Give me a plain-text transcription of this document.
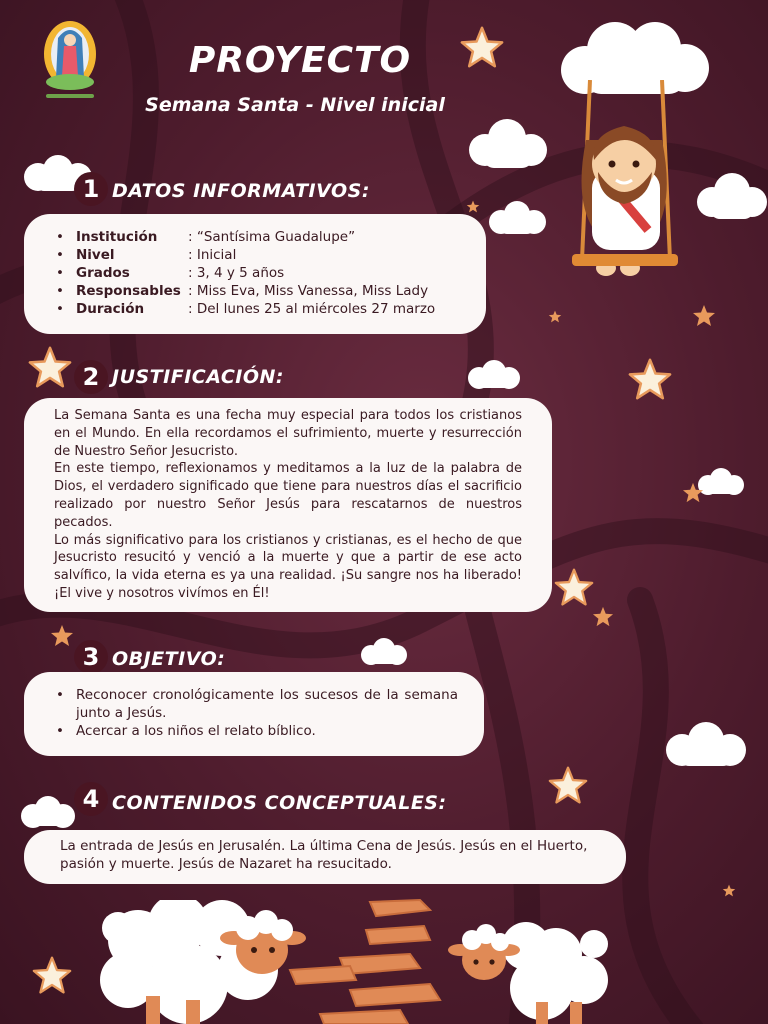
PROYECTO
Semana Santa - Nivel inicial
1 DATOS INFORMATIVOS:
• Institución	: “Santísima Guadalupe”
• Nivel	: Inicial
• Grados	: 3, 4 y 5 años
• Responsables : Miss Eva, Miss Vanessa, Miss Lady
• Duración	: Del lunes 25 al miércoles 27 marzo
2 JUSTIFICACIÓN:

La Semana Santa es una fecha muy especial para todos los cristianos en el Mundo. En ella recordamos el sufrimiento, muerte y resurrección de Nuestro Señor Jesucristo.

En este tiempo, reflexionamos y meditamos a la luz de la palabra de Dios, el verdadero significado que tiene para nuestros días el sacrificio realizado por nuestro Señor Jesús para rescatarnos de nuestros pecados.

Lo más significativo para los cristianos y cristianas, es el hecho de que Jesucristo resucitó y venció a la muerte y que a partir de ese acto salvífico, la vida eterna es ya una realidad. ¡Su sangre nos ha liberado! ¡El vive y nosotros vivímos en Él!

3 OBJETIVO:
• Reconocer cronológicamente los sucesos de la semana junto a Jesús.
• Acercar a los niños el relato bíblico.
4 CONTENIDOS CONCEPTUALES:
La entrada de Jesús en Jerusalén. La última Cena de Jesús. Jesús en el Huerto, pasión y muerte. Jesús de Nazaret ha resucitado.
